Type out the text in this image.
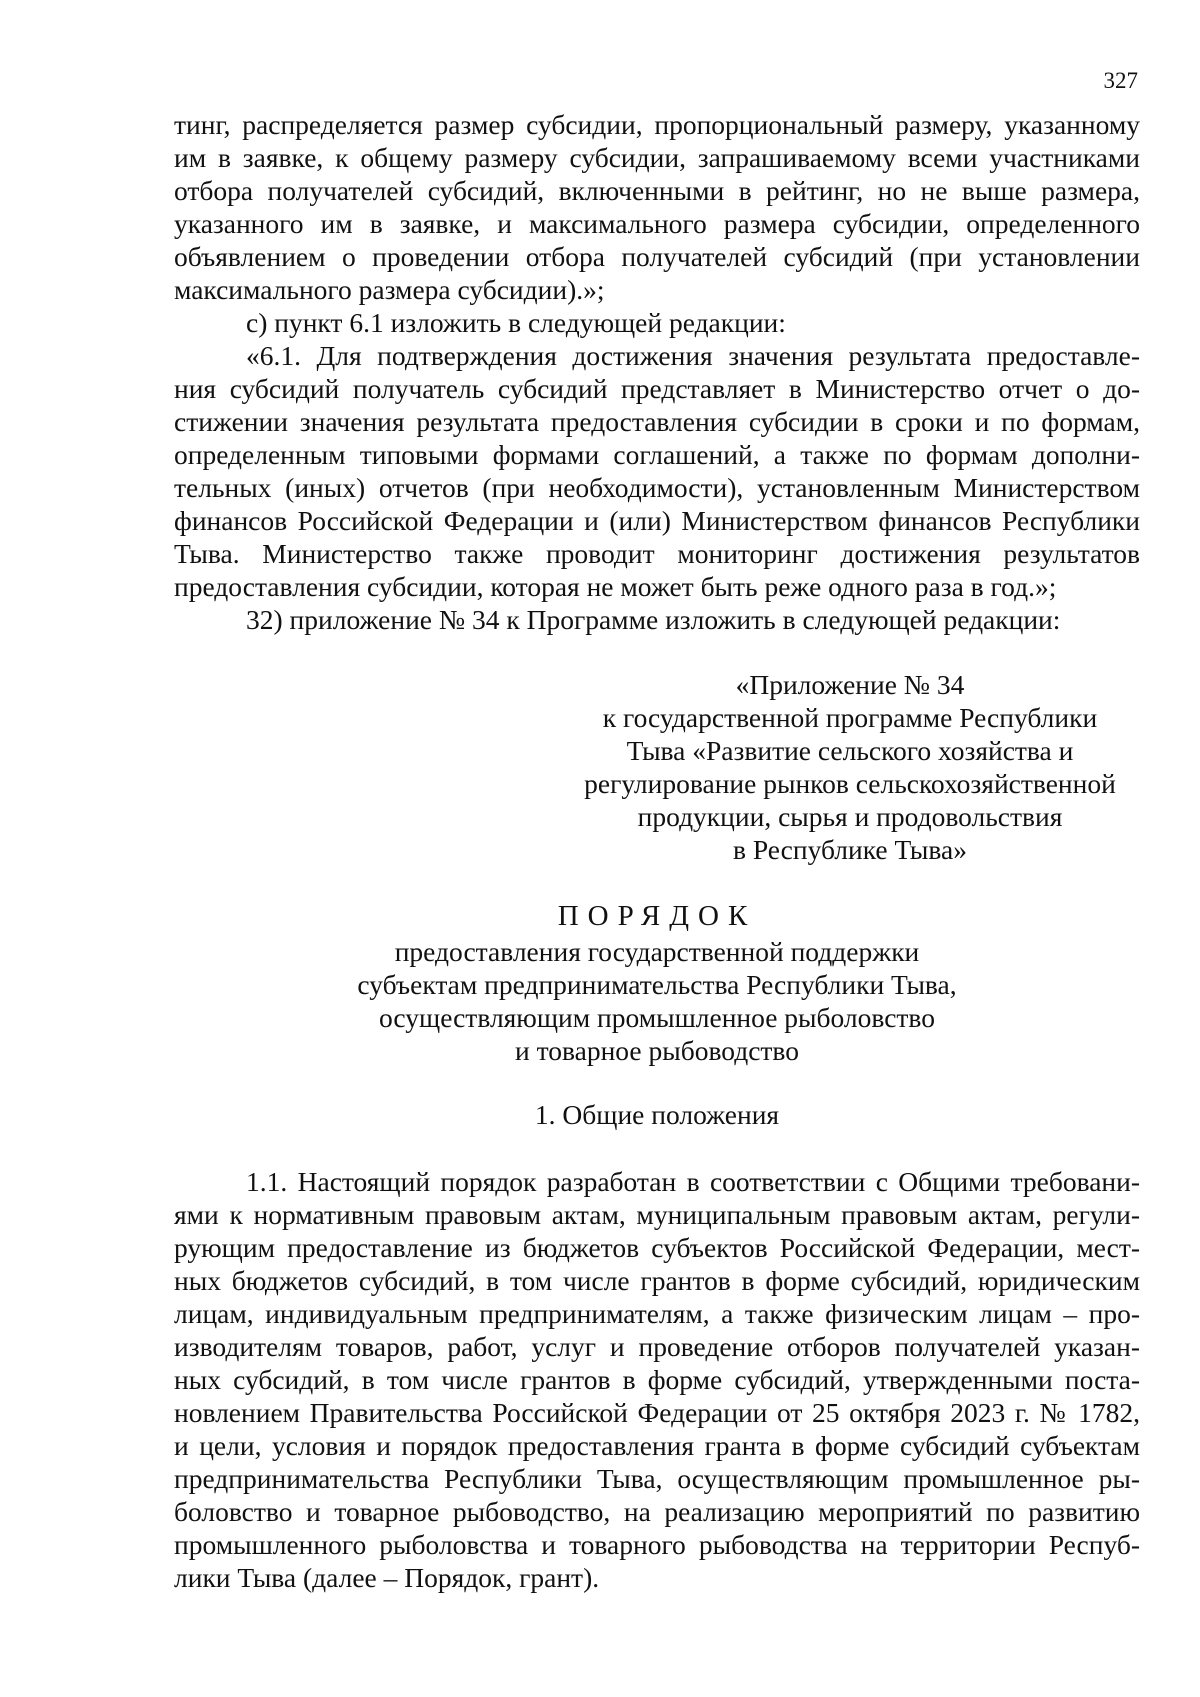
327
тинг, распределяется размер субсидии, пропорциональный размеру, указанному
им в заявке, к общему размеру субсидии, запрашиваемому всеми участниками
отбора получателей субсидий, включенными в рейтинг, но не выше размера,
указанного им в заявке, и максимального размера субсидии, определенного
объявлением о проведении отбора получателей субсидий (при установлении
максимального размера субсидии).»;
с) пункт 6.1 изложить в следующей редакции:
«6.1. Для подтверждения достижения значения результата предоставле-
ния субсидий получатель субсидий представляет в Министерство отчет о до-
стижении значения результата предоставления субсидии в сроки и по формам,
определенным типовыми формами соглашений, а также по формам дополни-
тельных (иных) отчетов (при необходимости), установленным Министерством
финансов Российской Федерации и (или) Министерством финансов Республики
Тыва. Министерство также проводит мониторинг достижения результатов
предоставления субсидии, которая не может быть реже одного раза в год.»;
32) приложение № 34 к Программе изложить в следующей редакции:
«Приложение № 34
к государственной программе Республики
Тыва «Развитие сельского хозяйства и
регулирование рынков сельскохозяйственной
продукции, сырья и продовольствия
в Республике Тыва»
ПОРЯДОК
предоставления государственной поддержки
субъектам предпринимательства Республики Тыва,
осуществляющим промышленное рыболовство
и товарное рыбоводство
1. Общие положения
1.1. Настоящий порядок разработан в соответствии с Общими требовани-
ями к нормативным правовым актам, муниципальным правовым актам, регули-
рующим предоставление из бюджетов субъектов Российской Федерации, мест-
ных бюджетов субсидий, в том числе грантов в форме субсидий, юридическим
лицам, индивидуальным предпринимателям, а также физическим лицам – про-
изводителям товаров, работ, услуг и проведение отборов получателей указан-
ных субсидий, в том числе грантов в форме субсидий, утвержденными поста-
новлением Правительства Российской Федерации от 25 октября 2023 г. № 1782,
и цели, условия и порядок предоставления гранта в форме субсидий субъектам
предпринимательства Республики Тыва, осуществляющим промышленное ры-
боловство и товарное рыбоводство, на реализацию мероприятий по развитию
промышленного рыболовства и товарного рыбоводства на территории Респуб-
лики Тыва (далее – Порядок, грант).
